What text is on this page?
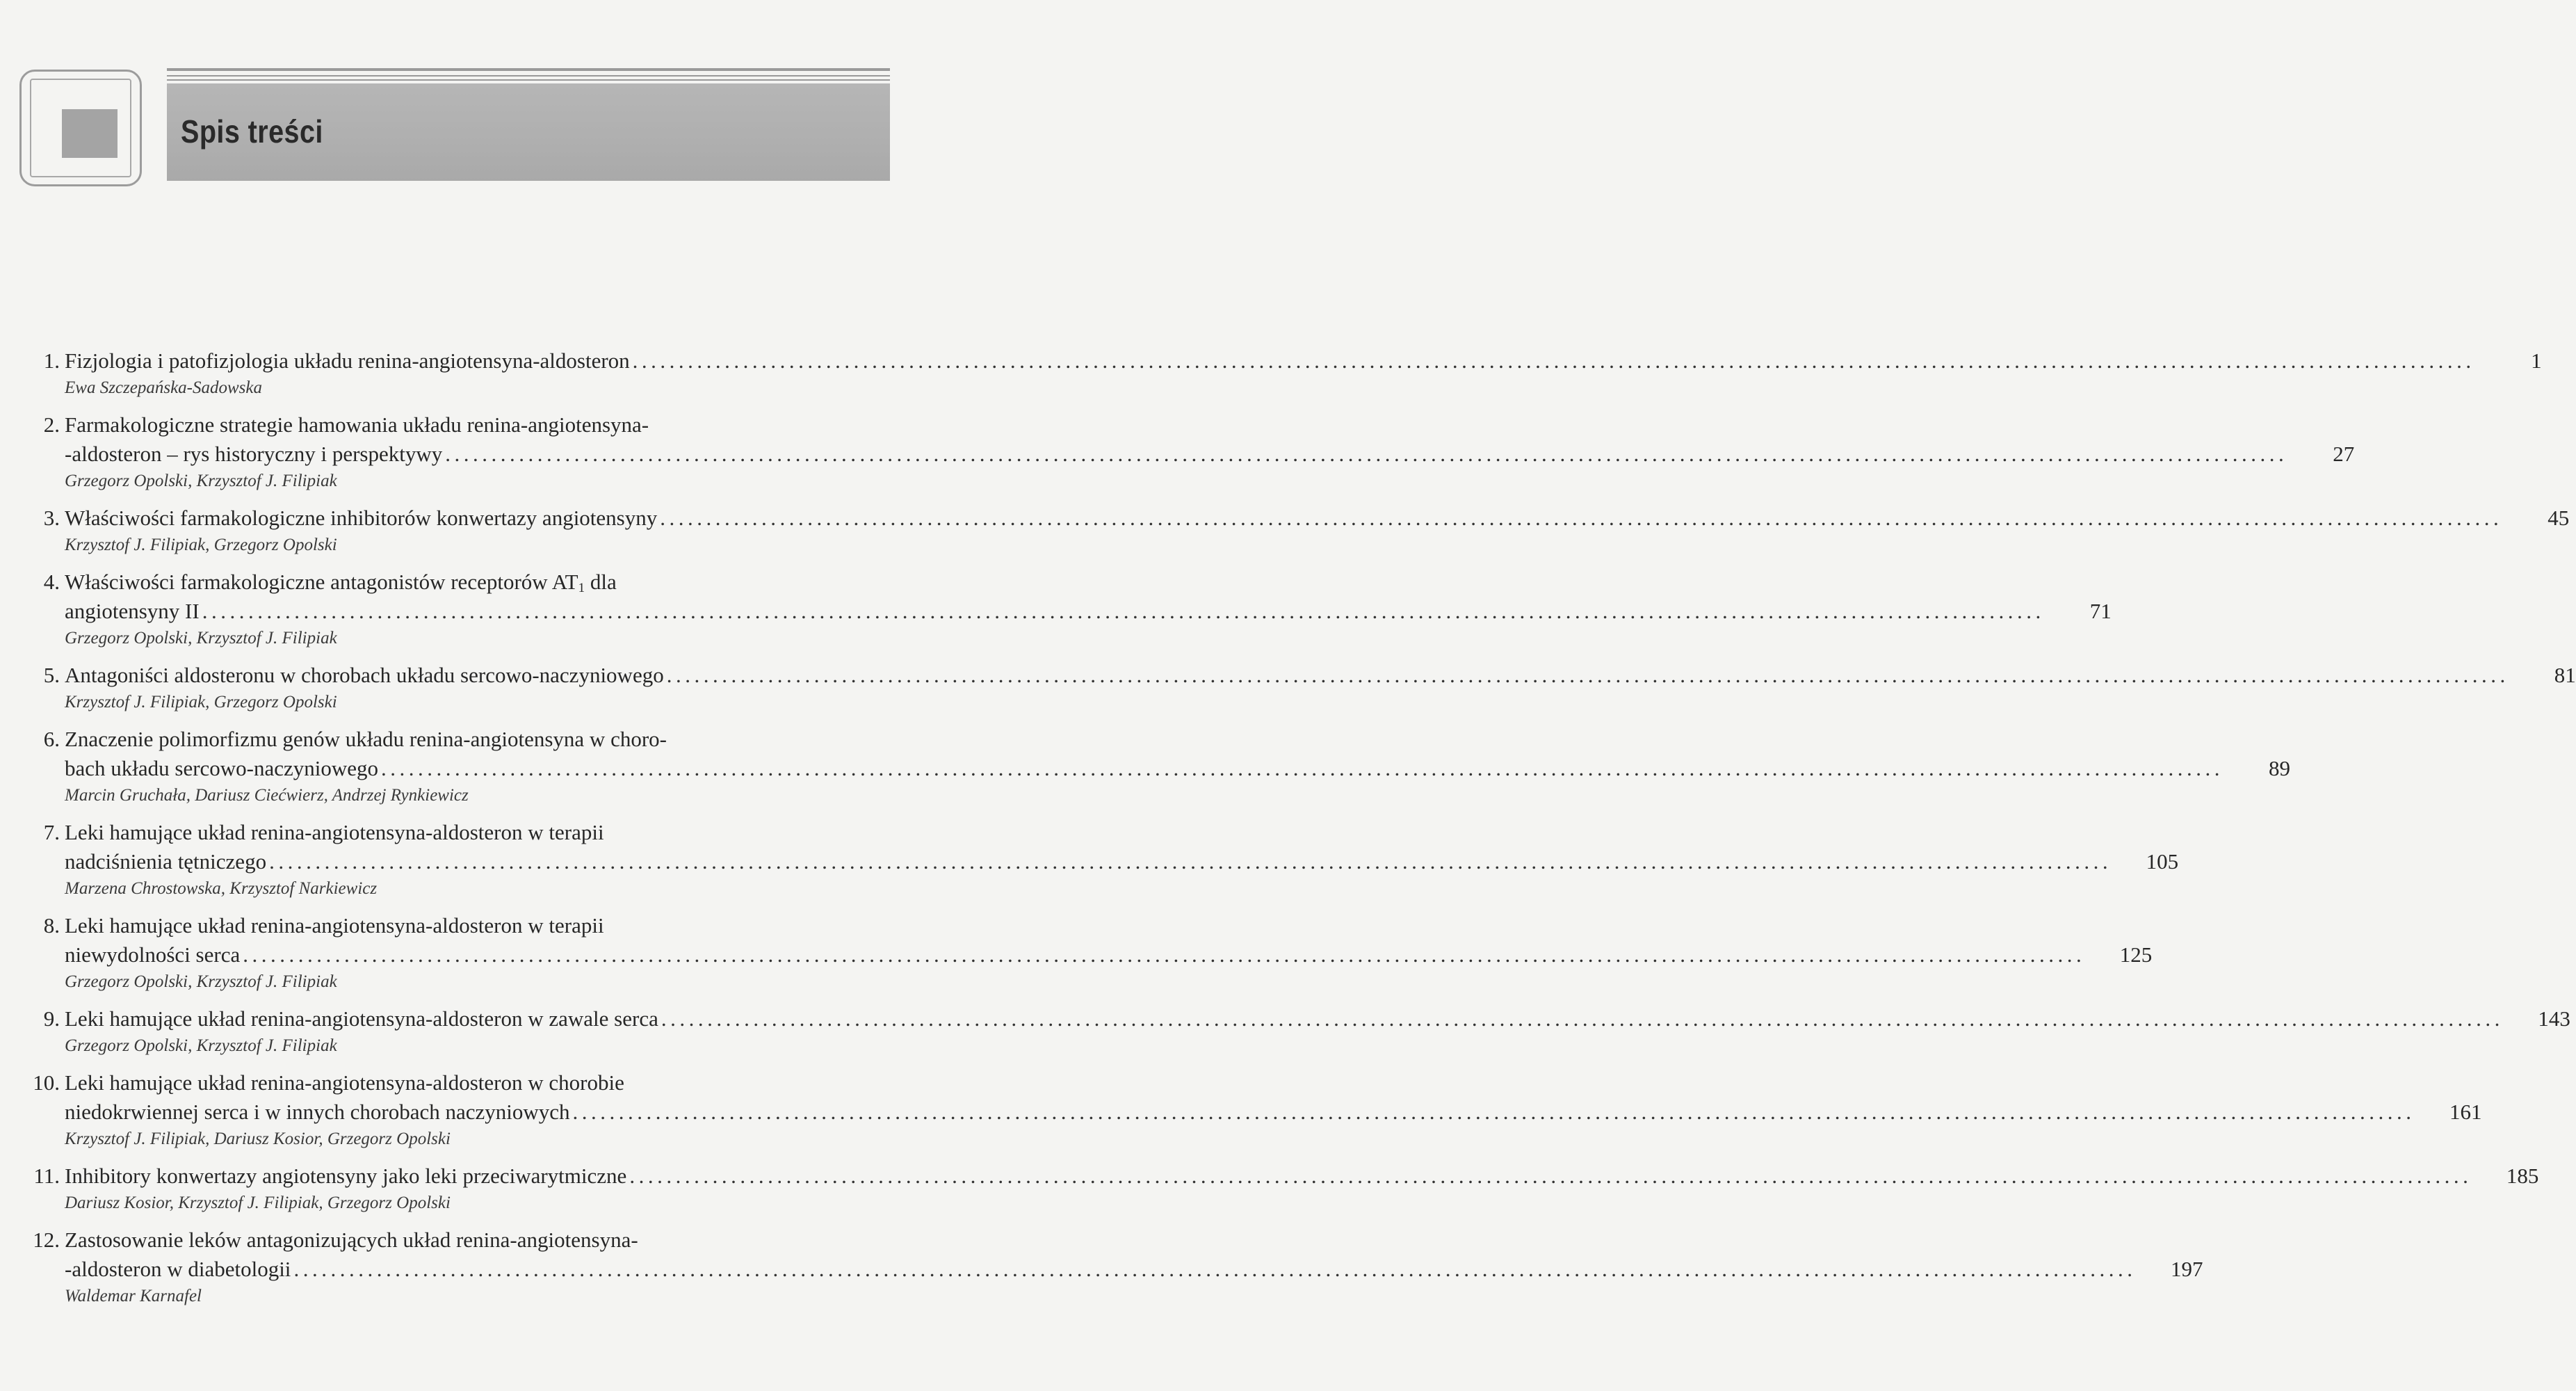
Spis treści
1. Fizjologia i patofizjologia układu renina-angiotensyna-aldosteron ........................................................................................................................................................................................................	1
Ewa Szczepańska-Sadowska
2. Farmakologiczne strategie hamowania układu renina-angiotensyna-
-aldosteron – rys historyczny i perspektywy ........................................................................................................................................................................................................	27
Grzegorz Opolski, Krzysztof J. Filipiak
3. Właściwości farmakologiczne inhibitorów konwertazy angiotensyny ........................................................................................................................................................................................................	45
Krzysztof J. Filipiak, Grzegorz Opolski
4. Właściwości farmakologiczne antagonistów receptorów $AT_1$ dla
angiotensyny II ........................................................................................................................................................................................................	71
Grzegorz Opolski, Krzysztof J. Filipiak
5. Antagoniści aldosteronu w chorobach układu sercowo-naczyniowego ........................................................................................................................................................................................................	81
Krzysztof J. Filipiak, Grzegorz Opolski
6. Znaczenie polimorfizmu genów układu renina-angiotensyna w choro-
bach układu sercowo-naczyniowego ........................................................................................................................................................................................................	89
Marcin Gruchała, Dariusz Ciećwierz, Andrzej Rynkiewicz
7. Leki hamujące układ renina-angiotensyna-aldosteron w terapii
nadciśnienia tętniczego ........................................................................................................................................................................................................	105
Marzena Chrostowska, Krzysztof Narkiewicz
8. Leki hamujące układ renina-angiotensyna-aldosteron w terapii
niewydolności serca ........................................................................................................................................................................................................	125
Grzegorz Opolski, Krzysztof J. Filipiak
9. Leki hamujące układ renina-angiotensyna-aldosteron w zawale serca ........................................................................................................................................................................................................	143
Grzegorz Opolski, Krzysztof J. Filipiak
10. Leki hamujące układ renina-angiotensyna-aldosteron w chorobie
niedokrwiennej serca i w innych chorobach naczyniowych ........................................................................................................................................................................................................	161
Krzysztof J. Filipiak, Dariusz Kosior, Grzegorz Opolski
11. Inhibitory konwertazy angiotensyny jako leki przeciwarytmiczne ........................................................................................................................................................................................................	185
Dariusz Kosior, Krzysztof J. Filipiak, Grzegorz Opolski
12. Zastosowanie leków antagonizujących układ renina-angiotensyna-
-aldosteron w diabetologii ........................................................................................................................................................................................................	197
Waldemar Karnafel
